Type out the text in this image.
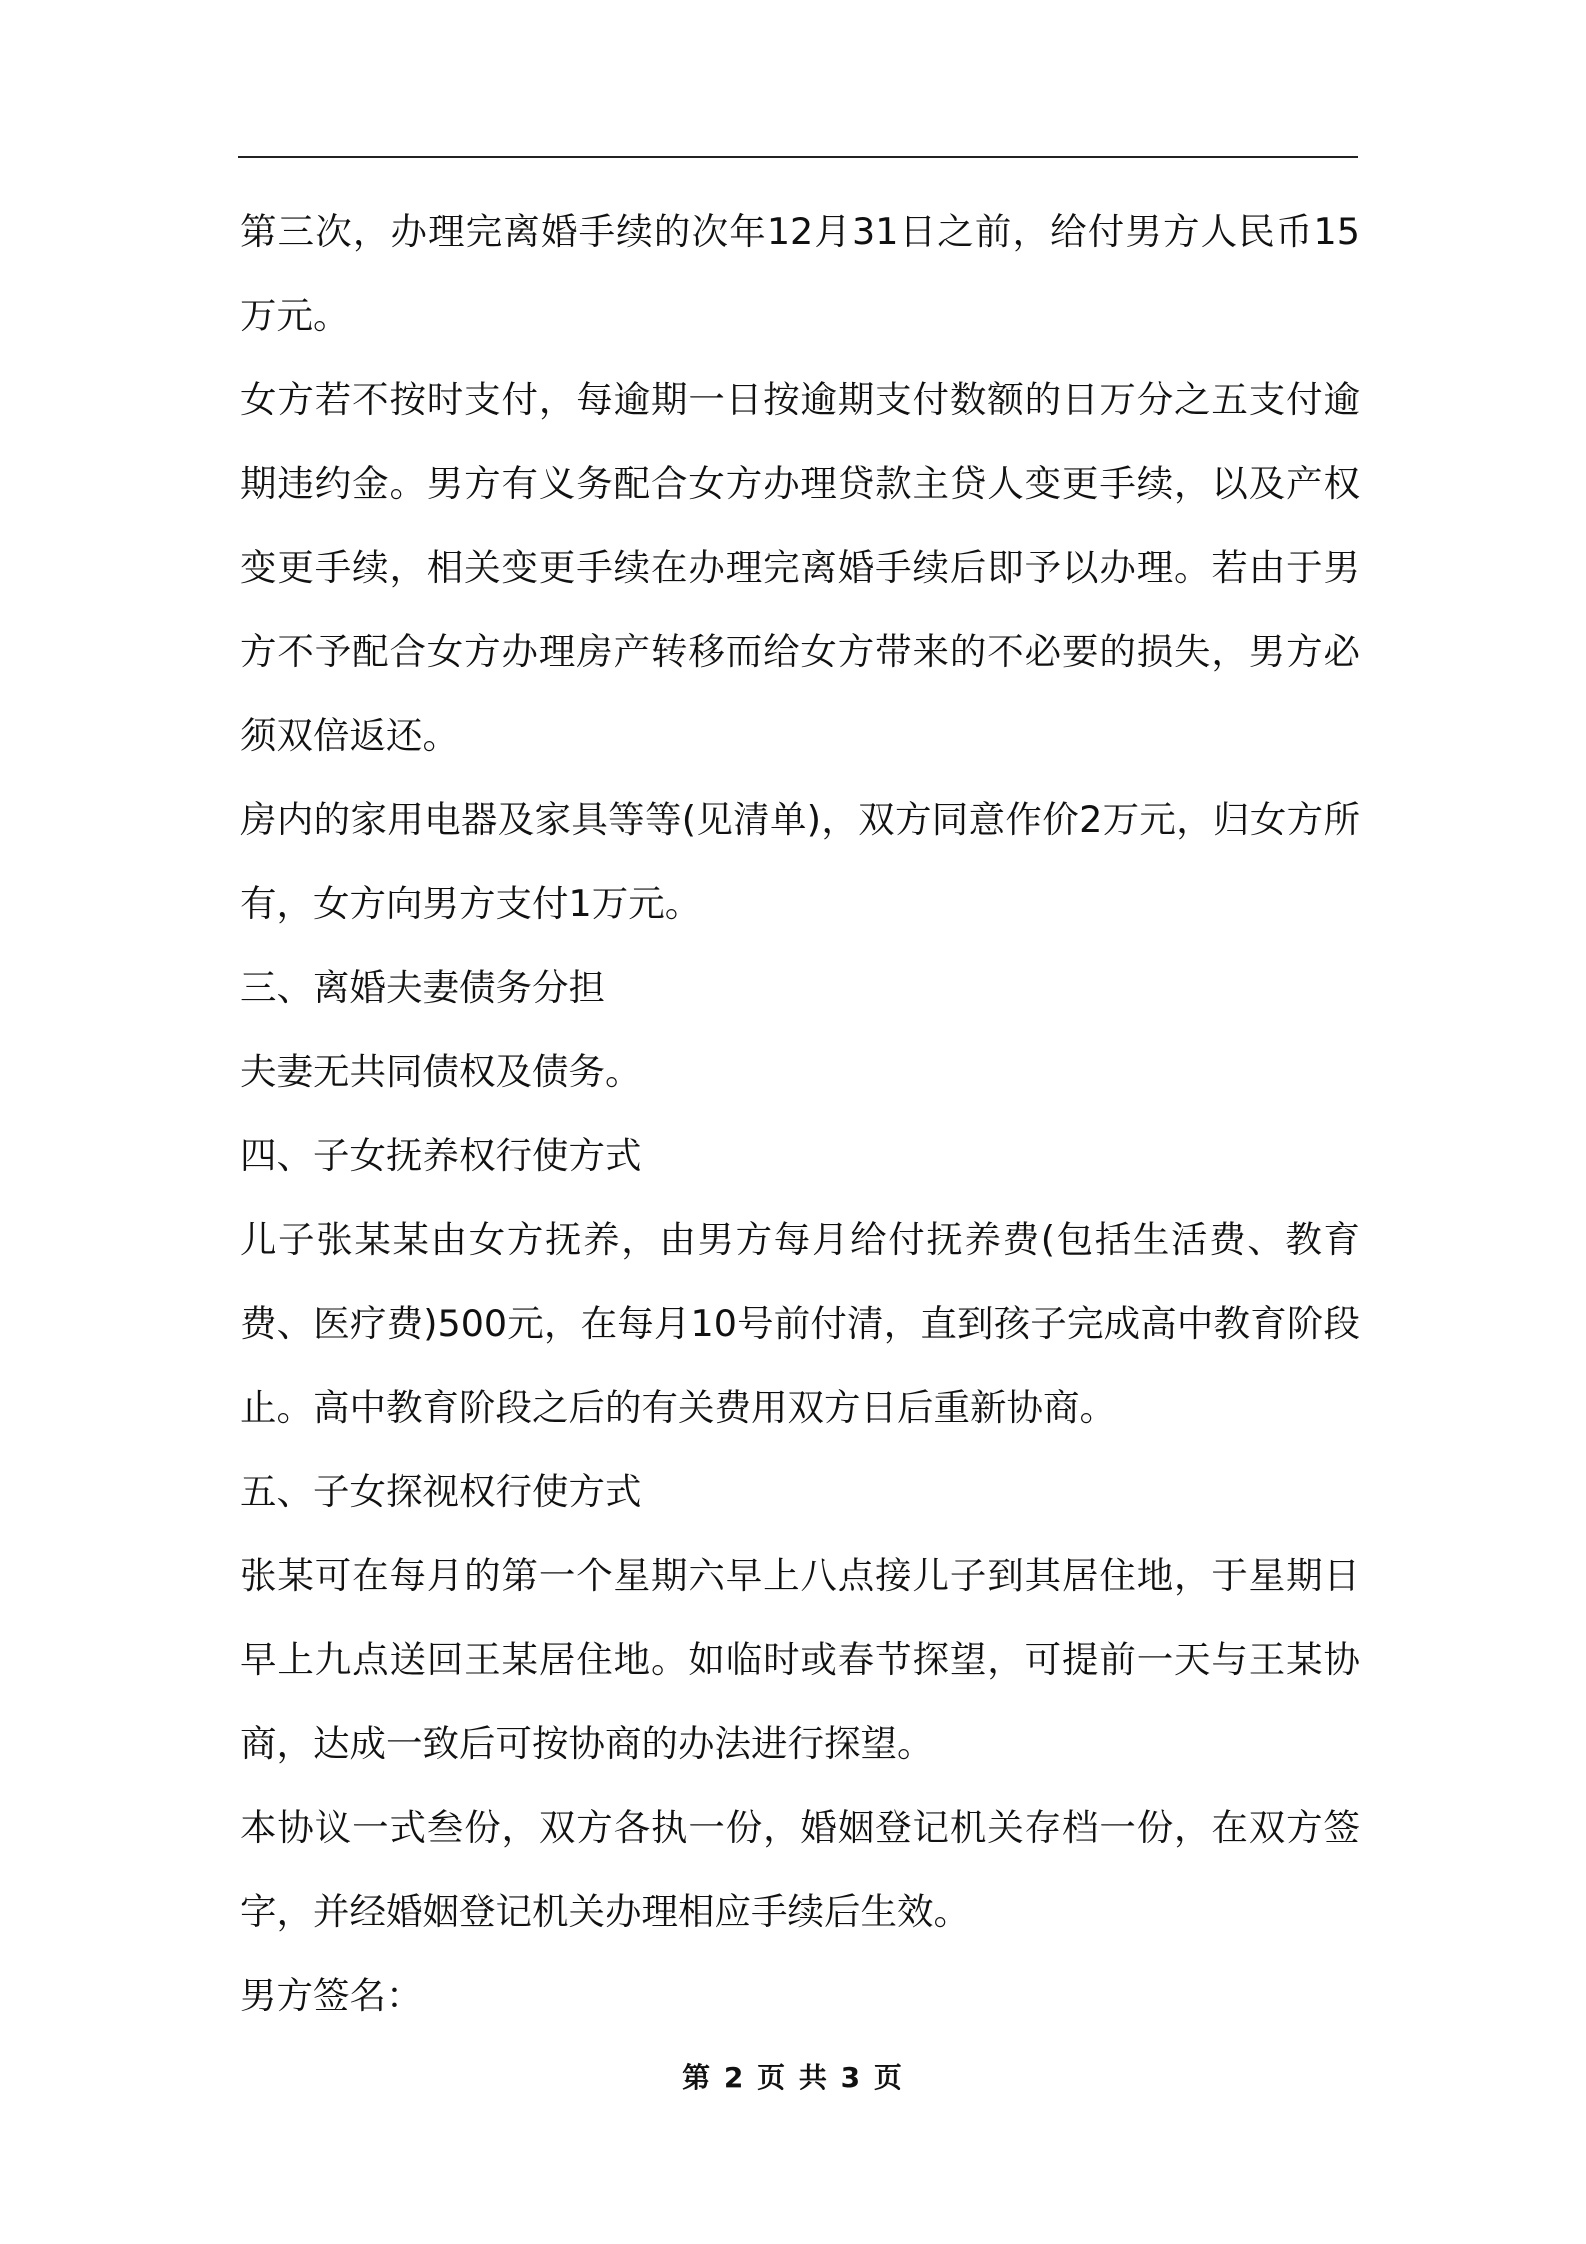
第三次，办理完离婚手续的次年12月31日之前，给付男方人民币15万元。

女方若不按时支付，每逾期一日按逾期支付数额的日万分之五支付逾期违约金。男方有义务配合女方办理贷款主贷人变更手续，以及产权变更手续，相关变更手续在办理完离婚手续后即予以办理。若由于男方不予配合女方办理房产转移而给女方带来的不必要的损失，男方必须双倍返还。

房内的家用电器及家具等等(见清单)，双方同意作价2万元，归女方所有，女方向男方支付1万元。

三、离婚夫妻债务分担

夫妻无共同债权及债务。

四、子女抚养权行使方式

儿子张某某由女方抚养，由男方每月给付抚养费(包括生活费、教育费、医疗费)500元，在每月10号前付清，直到孩子完成高中教育阶段止。高中教育阶段之后的有关费用双方日后重新协商。

五、子女探视权行使方式

张某可在每月的第一个星期六早上八点接儿子到其居住地，于星期日早上九点送回王某居住地。如临时或春节探望，可提前一天与王某协商，达成一致后可按协商的办法进行探望。

本协议一式叁份，双方各执一份，婚姻登记机关存档一份，在双方签字，并经婚姻登记机关办理相应手续后生效。

男方签名：

第 2 页 共 3 页
